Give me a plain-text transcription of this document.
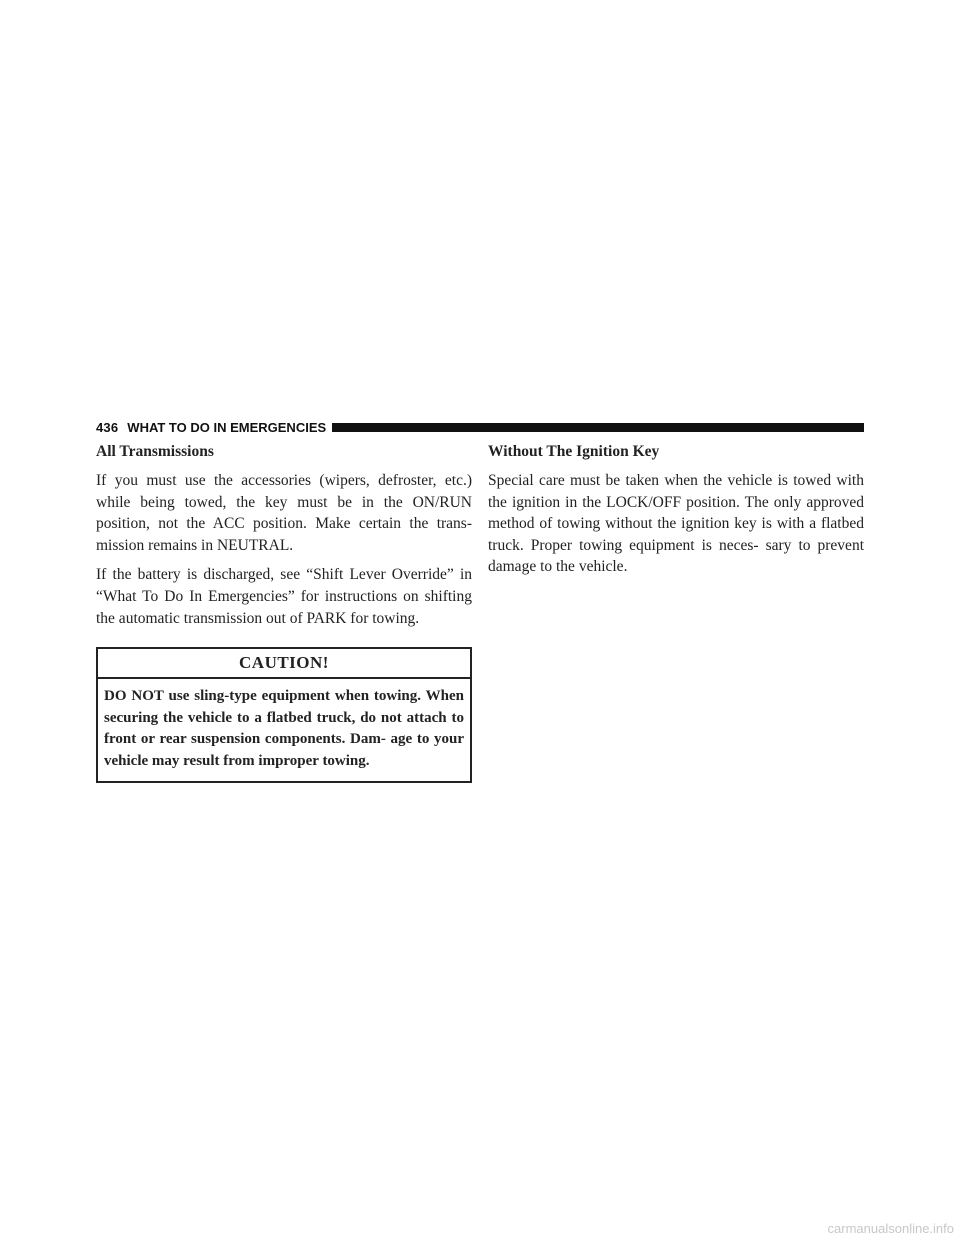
436 WHAT TO DO IN EMERGENCIES
All Transmissions

If you must use the accessories (wipers, defroster, etc.) while being towed, the key must be in the ON/RUN position, not the ACC position. Make certain the trans- mission remains in NEUTRAL.

If the battery is discharged, see “Shift Lever Override” in “What To Do In Emergencies” for instructions on shifting the automatic transmission out of PARK for towing.

CAUTION!
DO NOT use sling-type equipment when towing. When securing the vehicle to a flatbed truck, do not attach to front or rear suspension components. Dam- age to your vehicle may result from improper towing.
Without The Ignition Key

Special care must be taken when the vehicle is towed with the ignition in the LOCK/OFF position. The only approved method of towing without the ignition key is with a flatbed truck. Proper towing equipment is neces- sary to prevent damage to the vehicle.

carmanualsonline.info
